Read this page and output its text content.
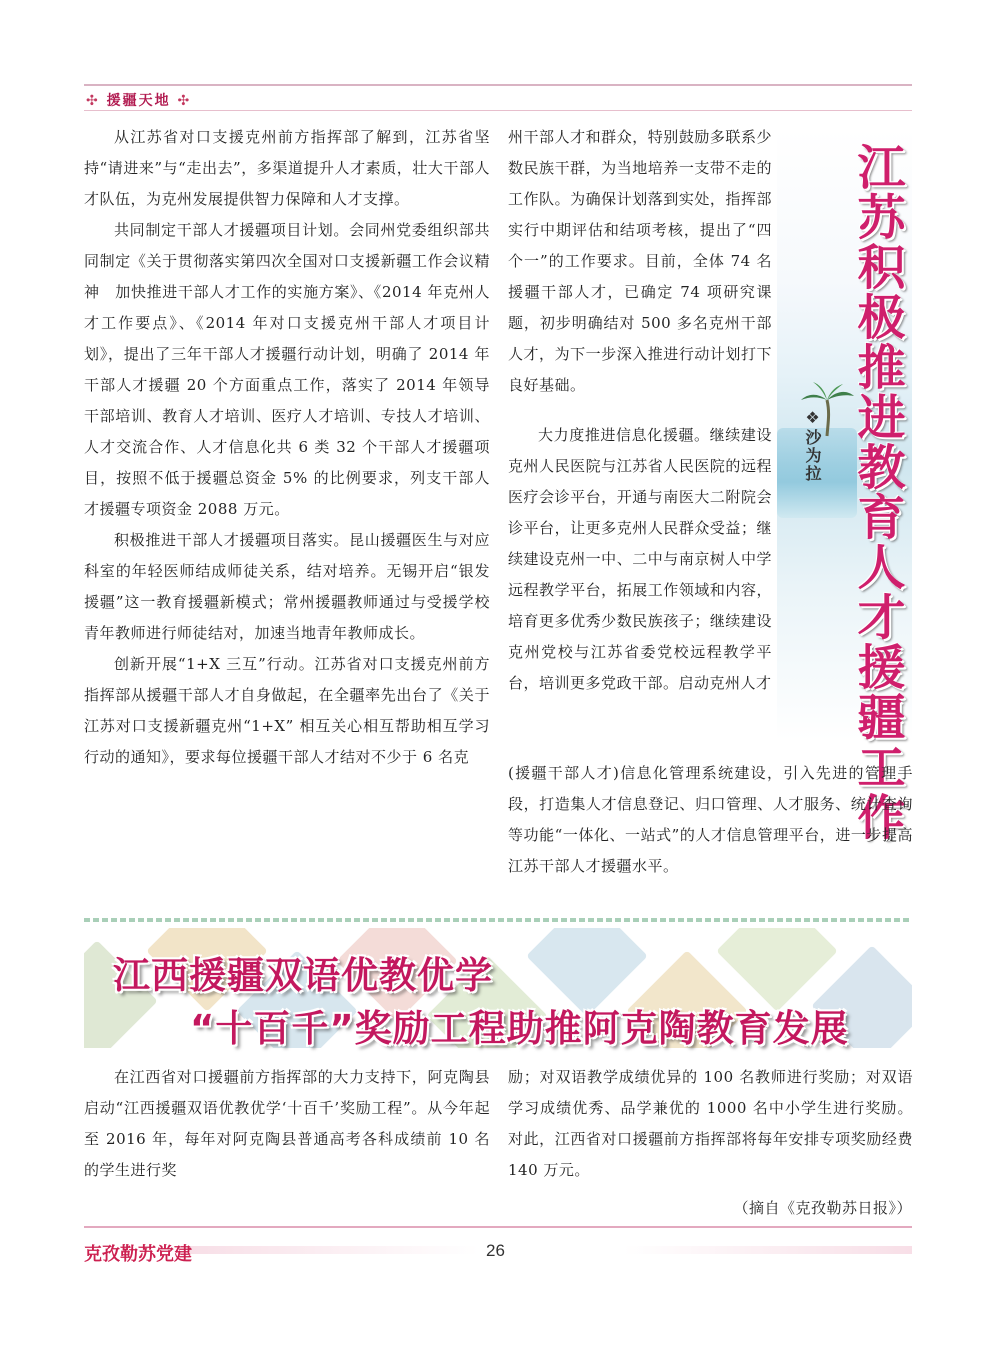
✣ 援疆天地 ✣

从江苏省对口支援克州前方指挥部了解到，江苏省坚持“请进来”与“走出去”，多渠道提升人才素质，壮大干部人才队伍，为克州发展提供智力保障和人才支撑。

共同制定干部人才援疆项目计划。会同州党委组织部共同制定《关于贯彻落实第四次全国对口支援新疆工作会议精神　加快推进干部人才工作的实施方案》、《2014 年克州人才工作要点》、《2014 年对口支援克州干部人才项目计划》，提出了三年干部人才援疆行动计划，明确了 2014 年干部人才援疆 20 个方面重点工作，落实了 2014 年领导干部培训、教育人才培训、医疗人才培训、专技人才培训、人才交流合作、人才信息化共 6 类 32 个干部人才援疆项目，按照不低于援疆总资金 5% 的比例要求，列支干部人才援疆专项资金 2088 万元。

积极推进干部人才援疆项目落实。昆山援疆医生与对应科室的年轻医师结成师徒关系，结对培养。无锡开启“银发援疆”这一教育援疆新模式；常州援疆教师通过与受援学校青年教师进行师徒结对，加速当地青年教师成长。

创新开展“1+X 三互”行动。江苏省对口支援克州前方指挥部从援疆干部人才自身做起，在全疆率先出台了《关于江苏对口支援新疆克州“1+X” 相互关心相互帮助相互学习行动的通知》，要求每位援疆干部人才结对不少于 6 名克	江苏积极推进教育人才援疆工作
❖沙为拉

州干部人才和群众，特别鼓励多联系少数民族干群，为当地培养一支带不走的工作队。为确保计划落到实处，指挥部实行中期评估和结项考核，提出了“四个一”的工作要求。目前，全体 74 名援疆干部人才，已确定 74 项研究课题，初步明确结对 500 多名克州干部人才，为下一步深入推进行动计划打下良好基础。

大力度推进信息化援疆。继续建设克州人民医院与江苏省人民医院的远程医疗会诊平台，开通与南医大二附院会诊平台，让更多克州人民群众受益；继续建设克州一中、二中与南京树人中学远程教学平台，拓展工作领域和内容，培育更多优秀少数民族孩子；继续建设克州党校与江苏省委党校远程教学平台，培训更多党政干部。启动克州人才

(援疆干部人才)信息化管理系统建设，引入先进的管理手段，打造集人才信息登记、归口管理、人才服务、统计查询等功能“一体化、一站式”的人才信息管理平台，进一步提高江苏干部人才援疆水平。

江西援疆双语优教优学
“十百千”奖励工程助推阿克陶教育发展

在江西省对口援疆前方指挥部的大力支持下，阿克陶县启动“江西援疆双语优教优学‘十百千’奖励工程”。从今年起至 2016 年，每年对阿克陶县普通高考各科成绩前 10 名的学生进行奖

励；对双语教学成绩优异的 100 名教师进行奖励；对双语学习成绩优秀、品学兼优的 1000 名中小学生进行奖励。对此，江西省对口援疆前方指挥部将每年安排专项奖励经费 140 万元。

（摘自《克孜勒苏日报》）
克孜勒苏党建	26
